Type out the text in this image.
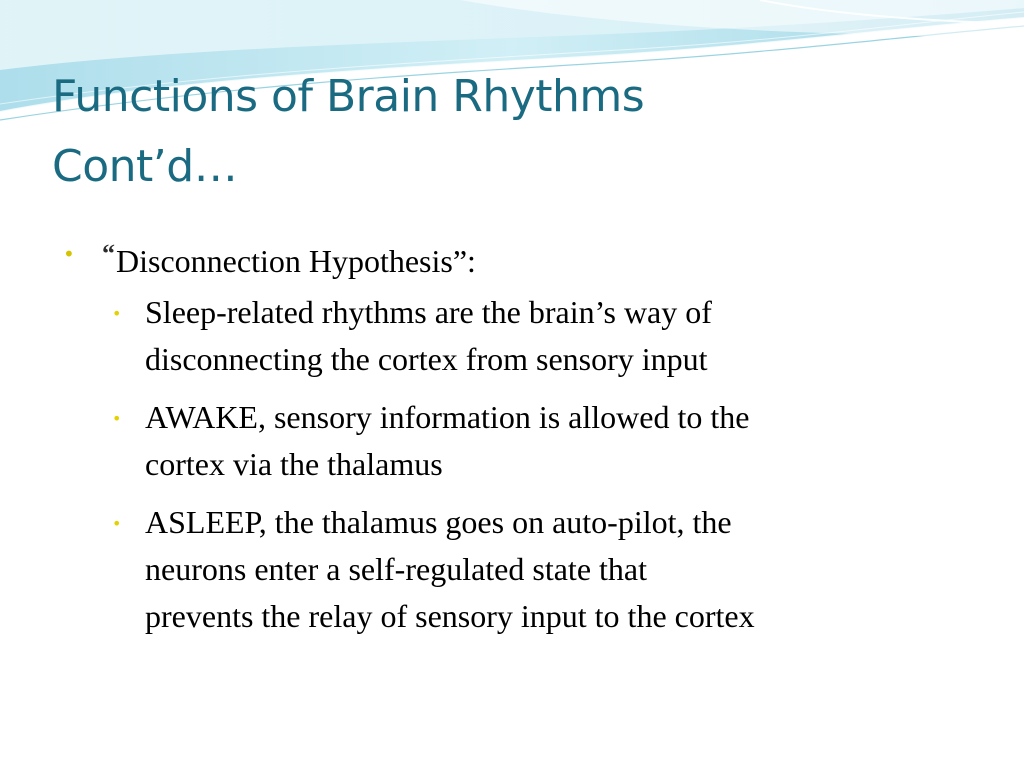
Functions of Brain Rhythms
Cont’d…
• “Disconnection Hypothesis”:
• Sleep-related rhythms are the brain’s way of
disconnecting the cortex from sensory input
• AWAKE, sensory information is allowed to the
cortex via the thalamus
• ASLEEP, the thalamus goes on auto-pilot, the
neurons enter a self-regulated state that
prevents the relay of sensory input to the cortex
